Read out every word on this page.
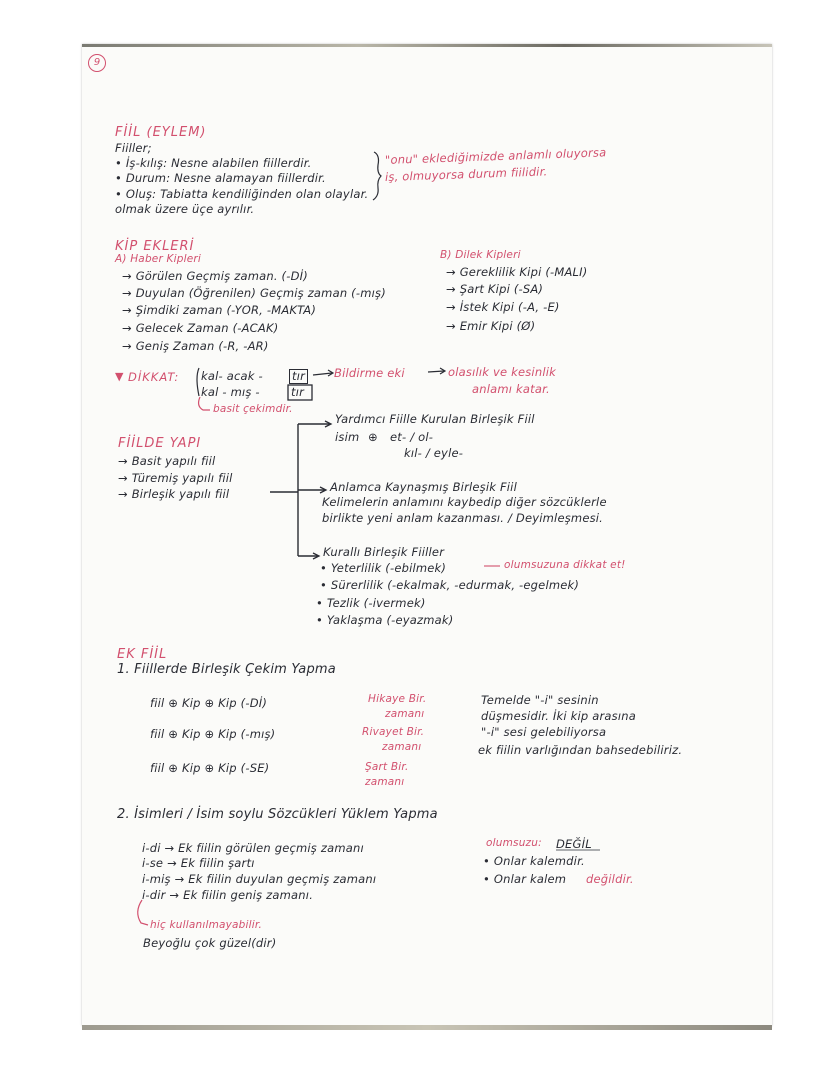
9
FİİL (EYLEM)
Fiiller;
• İş-kılış: Nesne alabilen fiillerdir.
• Durum: Nesne alamayan fiillerdir.
• Oluş: Tabiatta kendiliğinden olan olaylar.
olmak üzere üçe ayrılır.
"onu" eklediğimizde anlamlı oluyorsa
iş, olmuyorsa durum fiilidir.
KİP EKLERİ
A) Haber Kipleri
→ Görülen Geçmiş zaman. (-Dİ)
→ Duyulan (Öğrenilen) Geçmiş zaman (-mış)
→ Şimdiki zaman (-YOR, -MAKTA)
→ Gelecek Zaman (-ACAK)
→ Geniş Zaman (-R, -AR)
B) Dilek Kipleri
→ Gereklilik Kipi (-MALI)
→ Şart Kipi (-SA)
→ İstek Kipi (-A, -E)
→ Emir Kipi (Ø)
▼ DİKKAT: kal- acak -
kal - mış -
tır
tır
Bildirme eki	olasılık ve kesinlik
anlamı katar.
basit çekimdir.
FİİLDE YAPI
→ Basit yapılı fiil
→ Türemiş yapılı fiil
→ Birleşik yapılı fiil
Yardımcı Fiille Kurulan Birleşik Fiil
isim ⊕ et- / ol-
kıl- / eyle-
Anlamca Kaynaşmış Birleşik Fiil
Kelimelerin anlamını kaybedip diğer sözcüklerle
birlikte yeni anlam kazanması. / Deyimleşmesi.
Kurallı Birleşik Fiiller
• Yeterlilik (-ebilmek)	olumsuzuna dikkat et!
• Sürerlilik (-ekalmak, -edurmak, -egelmek)
• Tezlik (-ivermek)
• Yaklaşma (-eyazmak)
EK FİİL
1. Fiillerde Birleşik Çekim Yapma
fiil ⊕ Kip ⊕ Kip (-Dİ)	Hikaye Bir.
zamanı
fiil ⊕ Kip ⊕ Kip (-mış)	Rivayet Bir.
zamanı
fiil ⊕ Kip ⊕ Kip (-SE)	Şart Bir.
zamanı
Temelde "-i" sesinin
düşmesidir. İki kip arasına
"-i" sesi gelebiliyorsa
ek fiilin varlığından bahsedebiliriz.
2. İsimleri / İsim soylu Sözcükleri Yüklem Yapma
i-di → Ek fiilin görülen geçmiş zamanı
i-se → Ek fiilin şartı
i-miş → Ek fiilin duyulan geçmiş zamanı
i-dir → Ek fiilin geniş zamanı.
hiç kullanılmayabilir.
Beyoğlu çok güzel(dir)
olumsuzu: DEĞİL
• Onlar kalemdir.
• Onlar kalem değildir.
